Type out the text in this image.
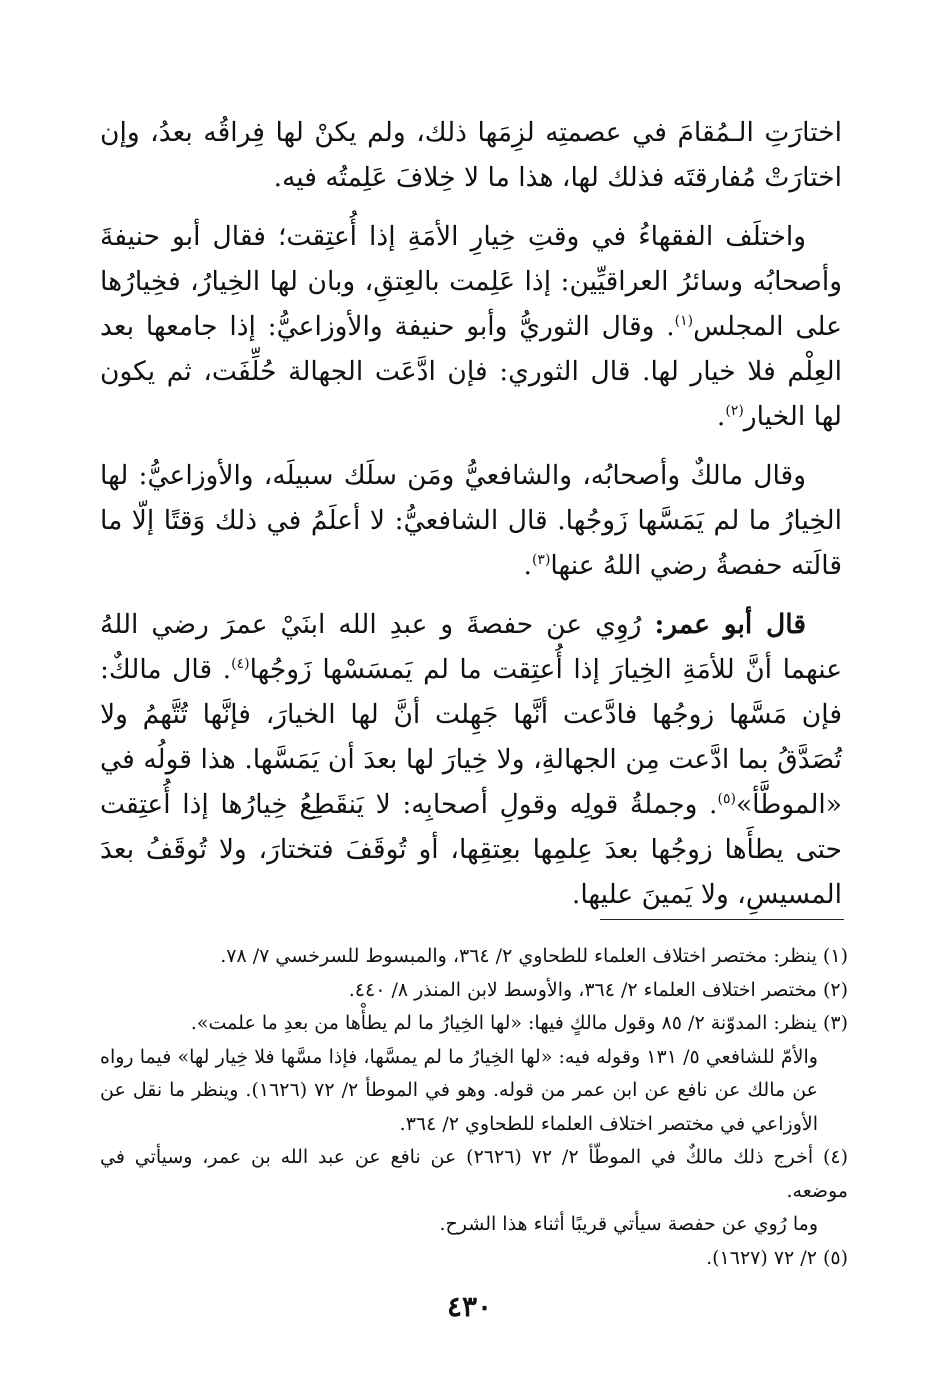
اختارَتِ الـمُقامَ في عصمتِه لزِمَها ذلك، ولم يكنْ لها فِراقُه بعدُ، وإن اختارَتْ مُفارقتَه فذلك لها، هذا ما لا خِلافَ عَلِمتُه فيه.

واختلَف الفقهاءُ في وقتِ خِيارِ الأمَةِ إذا أُعتِقت؛ فقال أبو حنيفةَ وأصحابُه وسائرُ العراقيِّين: إذا عَلِمت بالعِتقِ، وبان لها الخِيارُ، فخِيارُها على المجلس$^{(١)}$. وقال الثوريُّ وأبو حنيفة والأوزاعيُّ: إذا جامعها بعد العِلْم فلا خيار لها. قال الثوري: فإن ادَّعَت الجهالة حُلِّفَت، ثم يكون لها الخيار$^{(٢)}$.

وقال مالكٌ وأصحابُه، والشافعيُّ ومَن سلَك سبيلَه، والأوزاعيُّ: لها الخِيارُ ما لم يَمَسَّها زَوجُها. قال الشافعيُّ: لا أعلَمُ في ذلك وَقتًا إلّا ما قالَته حفصةُ رضي اللهُ عنها$^{(٣)}$.

قال أبو عمر: رُوِي عن حفصةَ و عبدِ الله ابنَيْ عمرَ رضي اللهُ عنهما أنَّ للأمَةِ الخِيارَ إذا أُعتِقت ما لم يَمسَسْها زَوجُها$^{(٤)}$. قال مالكٌ: فإن مَسَّها زوجُها فادَّعت أنَّها جَهِلت أنَّ لها الخيارَ، فإنَّها تُتَّهمُ ولا تُصَدَّقُ بما ادَّعت مِن الجهالةِ، ولا خِيارَ لها بعدَ أن يَمَسَّها. هذا قولُه في «الموطَّأ»$^{(٥)}$. وجملةُ قولِه وقولِ أصحابِه: لا يَنقَطِعُ خِيارُها إذا أُعتِقت حتى يطأَها زوجُها بعدَ عِلمِها بعِتقِها، أو تُوقَفَ فتختارَ، ولا تُوقَفُ بعدَ المسيسِ، ولا يَمينَ عليها.

(١) ينظر: مختصر اختلاف العلماء للطحاوي ٢/ ٣٦٤، والمبسوط للسرخسي ٧/ ٧٨.

(٢) مختصر اختلاف العلماء ٢/ ٣٦٤، والأوسط لابن المنذر ٨/ ٤٤٠.

(٣) ينظر: المدوّنة ٢/ ٨٥ وقول مالكٍ فيها: «لها الخِيارُ ما لم يطأْها من بعدِ ما علمت».

والأمّ للشافعي ٥/ ١٣١ وقوله فيه: «لها الخِيارُ ما لم يمسَّها، فإذا مسَّها فلا خِيار لها» فيما رواه عن مالك عن نافع عن ابن عمر من قوله. وهو في الموطأ ٢/ ٧٢ (١٦٢٦). وينظر ما نقل عن الأوزاعي في مختصر اختلاف العلماء للطحاوي ٢/ ٣٦٤.

(٤) أخرج ذلك مالكٌ في الموطّأ ٢/ ٧٢ (٢٦٢٦) عن نافع عن عبد الله بن عمر، وسيأتي في موضعه.

وما رُوي عن حفصة سيأتي قريبًا أثناء هذا الشرح.

(٥) ٢/ ٧٢ (١٦٢٧).

٤٣٠
